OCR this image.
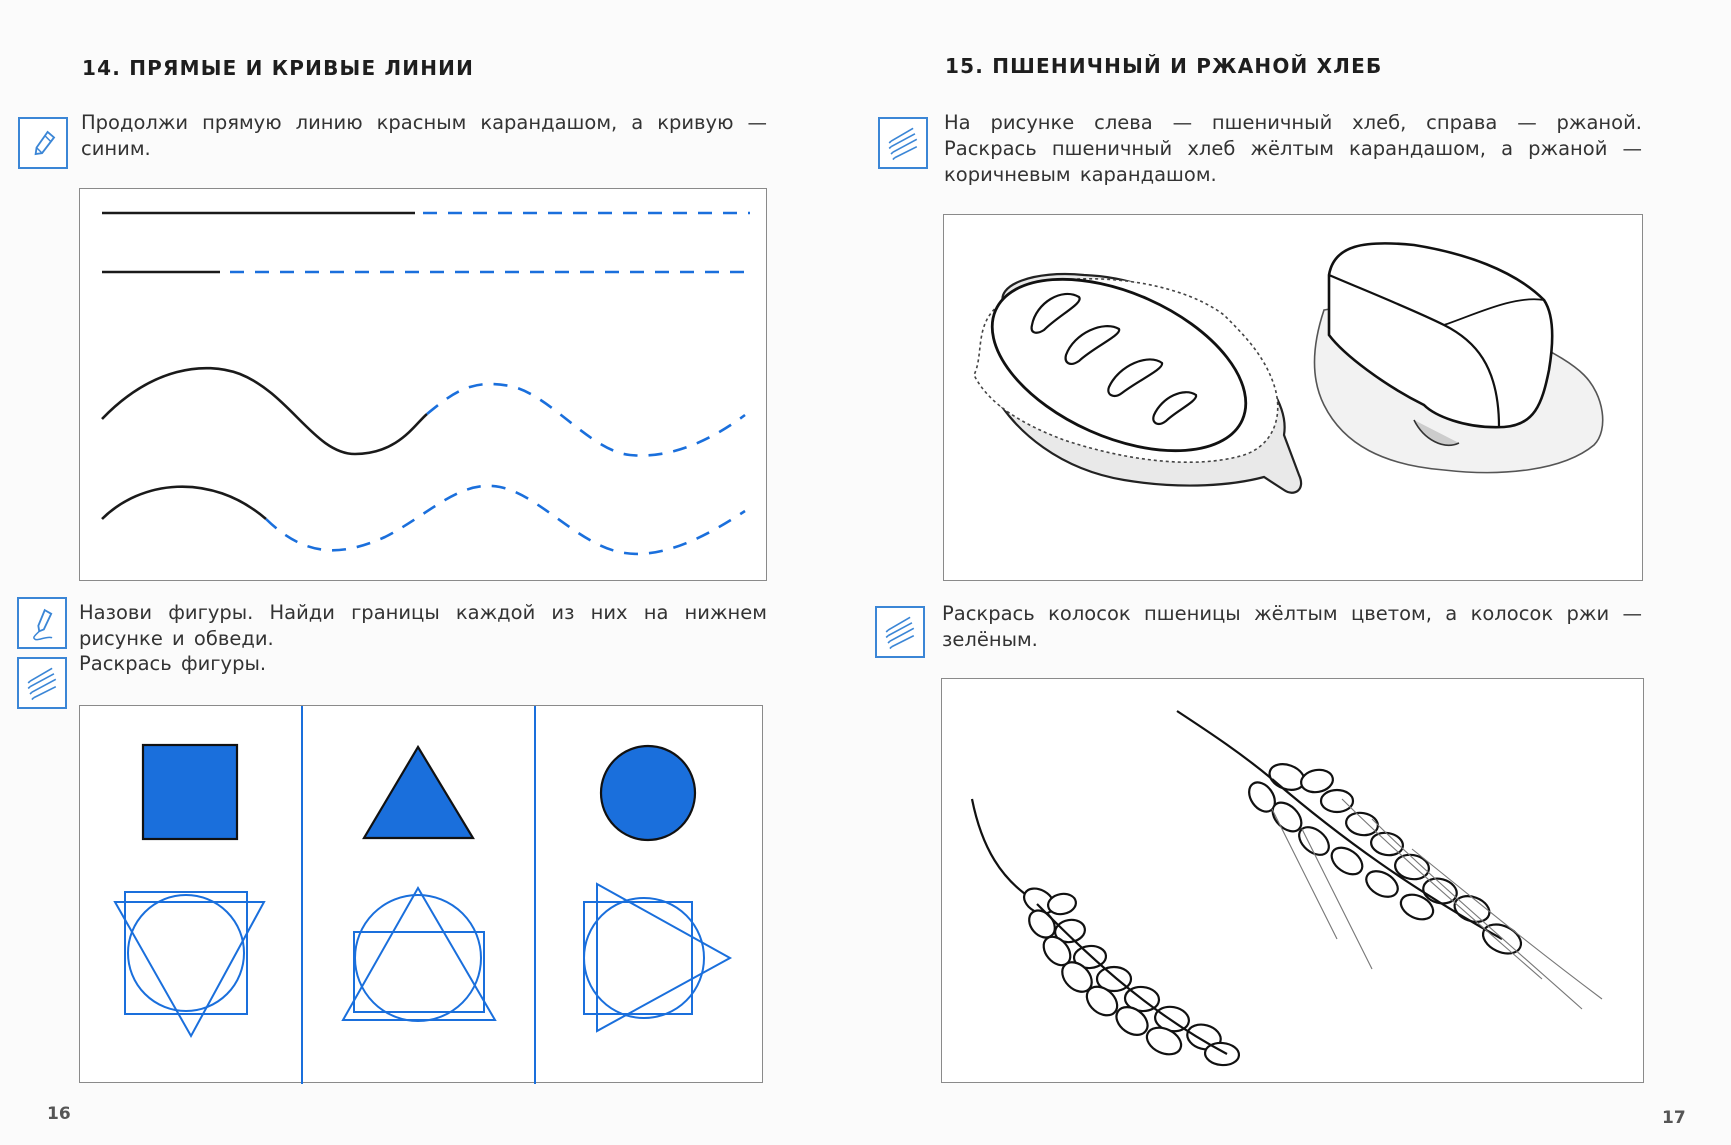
14. ПРЯМЫЕ И КРИВЫЕ ЛИНИИ

Продолжи прямую линию красным карандашом, а кривую — синим.

Назови фигуры. Найди границы каждой из них на нижнем рисунке и обведи.

Раскрась фигуры.

16
15. ПШЕНИЧНЫЙ И РЖАНОЙ ХЛЕБ

На рисунке слева — пшеничный хлеб, справа — ржаной. Раскрась пшеничный хлеб жёлтым карандашом, а ржаной — коричневым карандашом.

Раскрась колосок пшеницы жёлтым цветом, а колосок ржи — зелёным.

17
